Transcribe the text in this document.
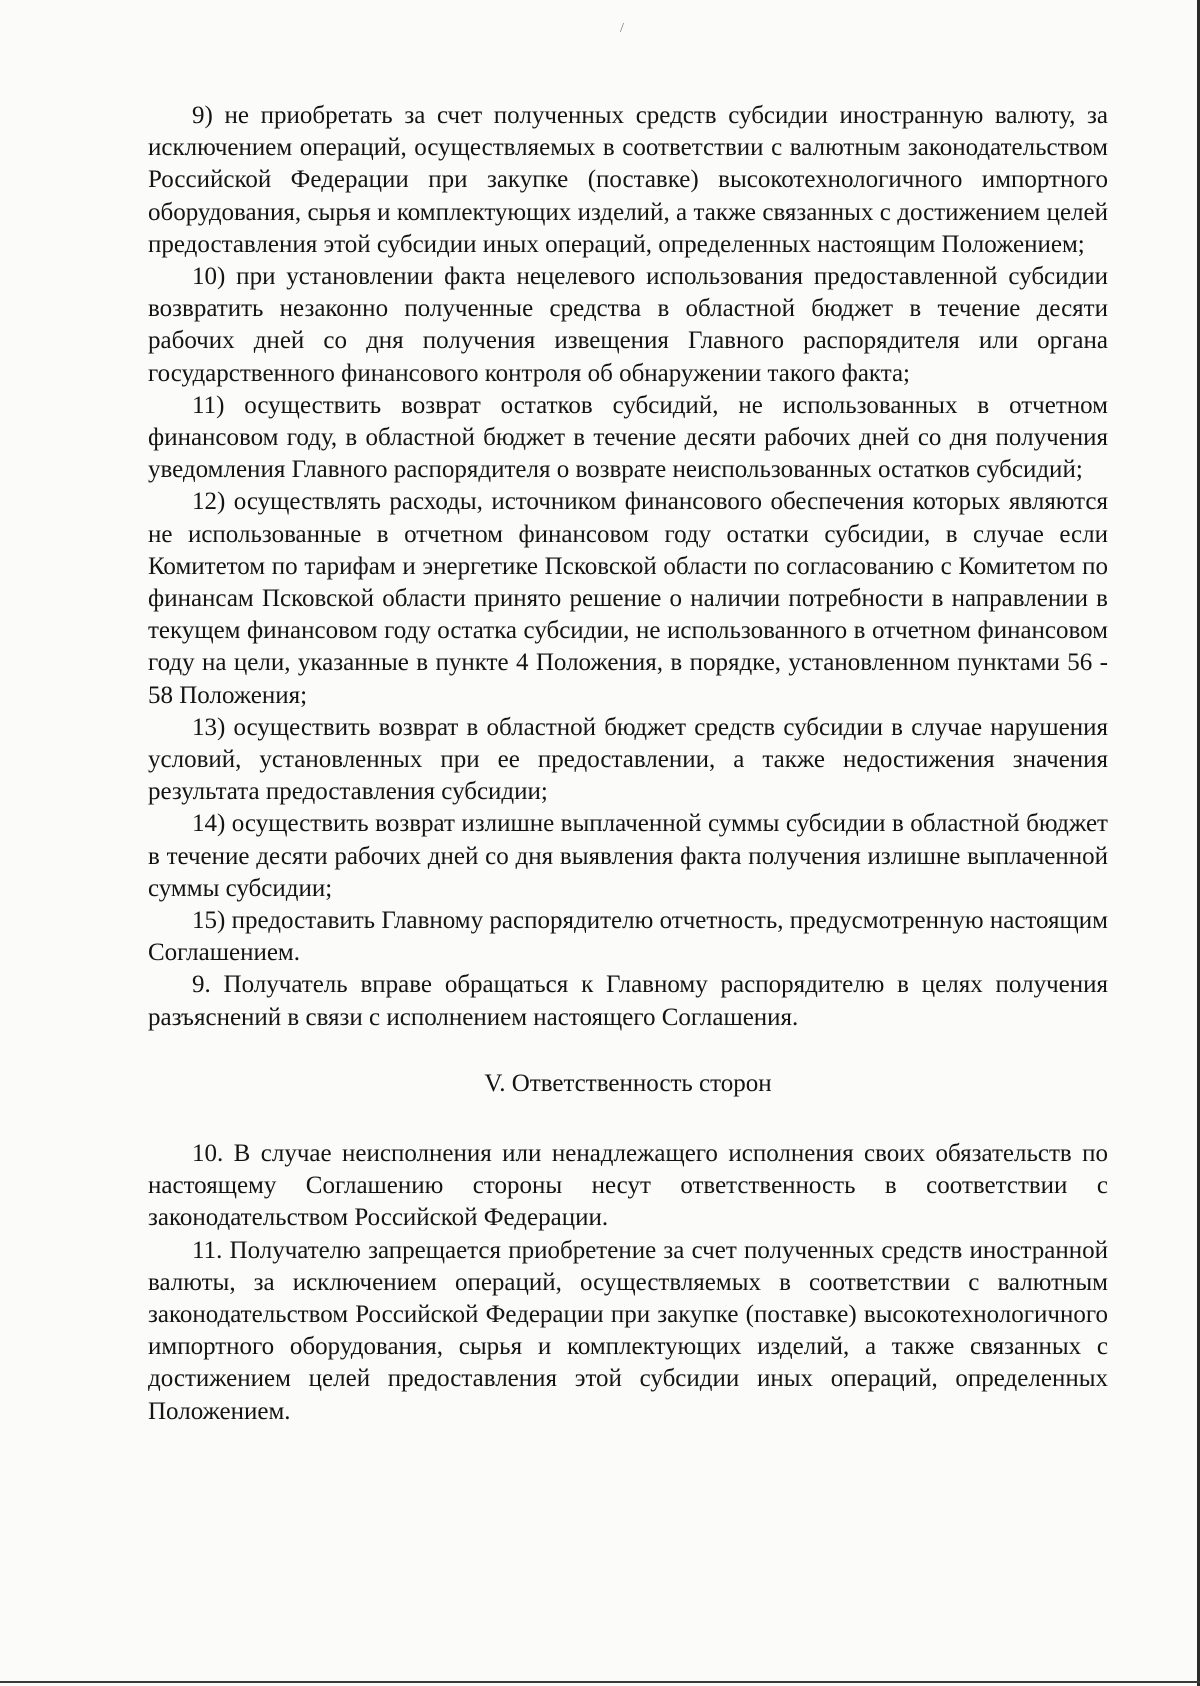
/

9) не приобретать за счет полученных средств субсидии иностранную валюту, за исключением операций, осуществляемых в соответствии с валютным законодательством Российской Федерации при закупке (поставке) высокотехнологичного импортного оборудования, сырья и комплектующих изделий, а также связанных с достижением целей предоставления этой субсидии иных операций, определенных настоящим Положением;

10) при установлении факта нецелевого использования предоставленной субсидии возвратить незаконно полученные средства в областной бюджет в течение десяти рабочих дней со дня получения извещения Главного распорядителя или органа государственного финансового контроля об обнаружении такого факта;

11) осуществить возврат остатков субсидий, не использованных в отчетном финансовом году, в областной бюджет в течение десяти рабочих дней со дня получения уведомления Главного распорядителя о возврате неиспользованных остатков субсидий;

12) осуществлять расходы, источником финансового обеспечения которых являются не использованные в отчетном финансовом году остатки субсидии, в случае если Комитетом по тарифам и энергетике Псковской области по согласованию с Комитетом по финансам Псковской области принято решение о наличии потребности в направлении в текущем финансовом году остатка субсидии, не использованного в отчетном финансовом году на цели, указанные в пункте 4 Положения, в порядке, установленном пунктами 56 - 58 Положения;

13) осуществить возврат в областной бюджет средств субсидии в случае нарушения условий, установленных при ее предоставлении, а также недостижения значения результата предоставления субсидии;

14) осуществить возврат излишне выплаченной суммы субсидии в областной бюджет в течение десяти рабочих дней со дня выявления факта получения излишне выплаченной суммы субсидии;

15) предоставить Главному распорядителю отчетность, предусмотренную настоящим Соглашением.

9. Получатель вправе обращаться к Главному распорядителю в целях получения разъяснений в связи с исполнением настоящего Соглашения.

V. Ответственность сторон

10. В случае неисполнения или ненадлежащего исполнения своих обязательств по настоящему Соглашению стороны несут ответственность в соответствии с законодательством Российской Федерации.

11. Получателю запрещается приобретение за счет полученных средств иностранной валюты, за исключением операций, осуществляемых в соответствии с валютным законодательством Российской Федерации при закупке (поставке) высокотехнологичного импортного оборудования, сырья и комплектующих изделий, а также связанных с достижением целей предоставления этой субсидии иных операций, определенных Положением.
